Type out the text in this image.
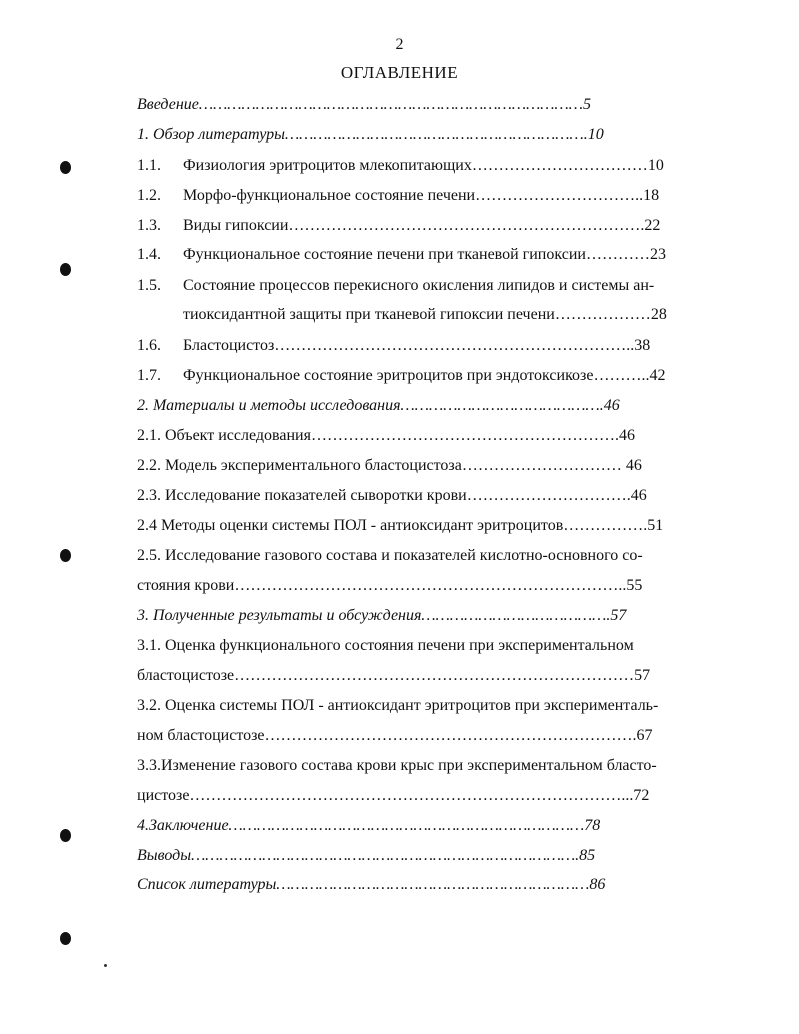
2
ОГЛАВЛЕНИЕ
Введение………………………………………………………………………5
1. Обзор литературы……………………………………………………….10
1.1. Физиология эритроцитов млекопитающих……………………………10
1.2. Морфо-функциональное состояние печени…………………………..18
1.3. Виды гипоксии………………………………………………………….22
1.4. Функциональное состояние печени при тканевой гипоксии…………23
1.5. Состояние процессов перекисного окисления липидов и системы ан-
тиоксидантной защиты при тканевой гипоксии печени………………28
1.6. Бластоцистоз…………………………………………………………..38
1.7. Функциональное состояние эритроцитов при эндотоксикозе………..42
2. Материалы и методы исследования…………………………………….46
2.1. Объект исследования………………………………………………….46
2.2. Модель экспериментального бластоцистоза………………………… 46
2.3. Исследование показателей сыворотки крови………………………….46
2.4 Методы оценки системы ПОЛ - антиоксидант эритроцитов…………….51
2.5. Исследование газового состава и показателей кислотно-основного со-
стояния крови………………………………………………………………..55
3. Полученные результаты и обсуждения………………………………….57
3.1. Оценка функционального состояния печени при экспериментальном
бластоцистозе…………………………………………………………………57
3.2. Оценка системы ПОЛ - антиоксидант эритроцитов при эксперименталь-
ном бластоцистозе…………………………………………………………….67
3.3.Изменение газового состава крови крыс при экспериментальном бласто-
цистозе………………………………………………………………………...72
4.Заключение…………………………………………………………………78
Выводы……………………………………………………………………….85
Список литературы…………………………………………………………86
